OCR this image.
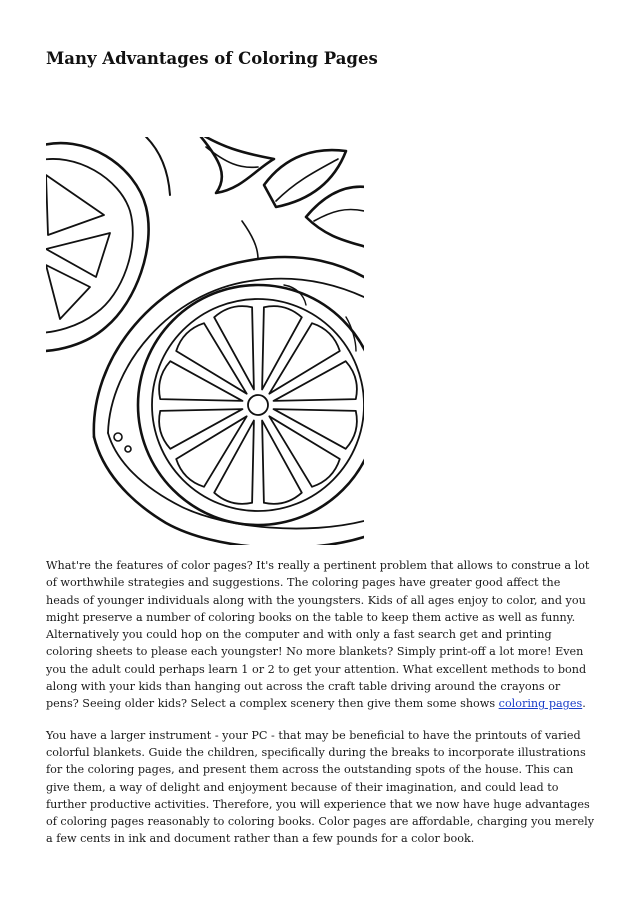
Many Advantages of Coloring Pages

What're the features of color pages? It's really a pertinent problem that allows to construe a lot of worthwhile strategies and suggestions. The coloring pages have greater good affect the heads of younger individuals along with the youngsters. Kids of all ages enjoy to color, and you might preserve a number of coloring books on the table to keep them active as well as funny. Alternatively you could hop on the computer and with only a fast search get and printing coloring sheets to please each youngster! No more blankets? Simply print-off a lot more! Even you the adult could perhaps learn 1 or 2 to get your attention. What excellent methods to bond along with your kids than hanging out across the craft table driving around the crayons or pens? Seeing older kids? Select a complex scenery then give them some shows coloring pages.

You have a larger instrument - your PC - that may be beneficial to have the printouts of varied colorful blankets. Guide the children, specifically during the breaks to incorporate illustrations for the coloring pages, and present them across the outstanding spots of the house. This can give them, a way of delight and enjoyment because of their imagination, and could lead to further productive activities. Therefore, you will experience that we now have huge advantages of coloring pages reasonably to coloring books. Color pages are affordable, charging you merely a few cents in ink and document rather than a few pounds for a color book.
